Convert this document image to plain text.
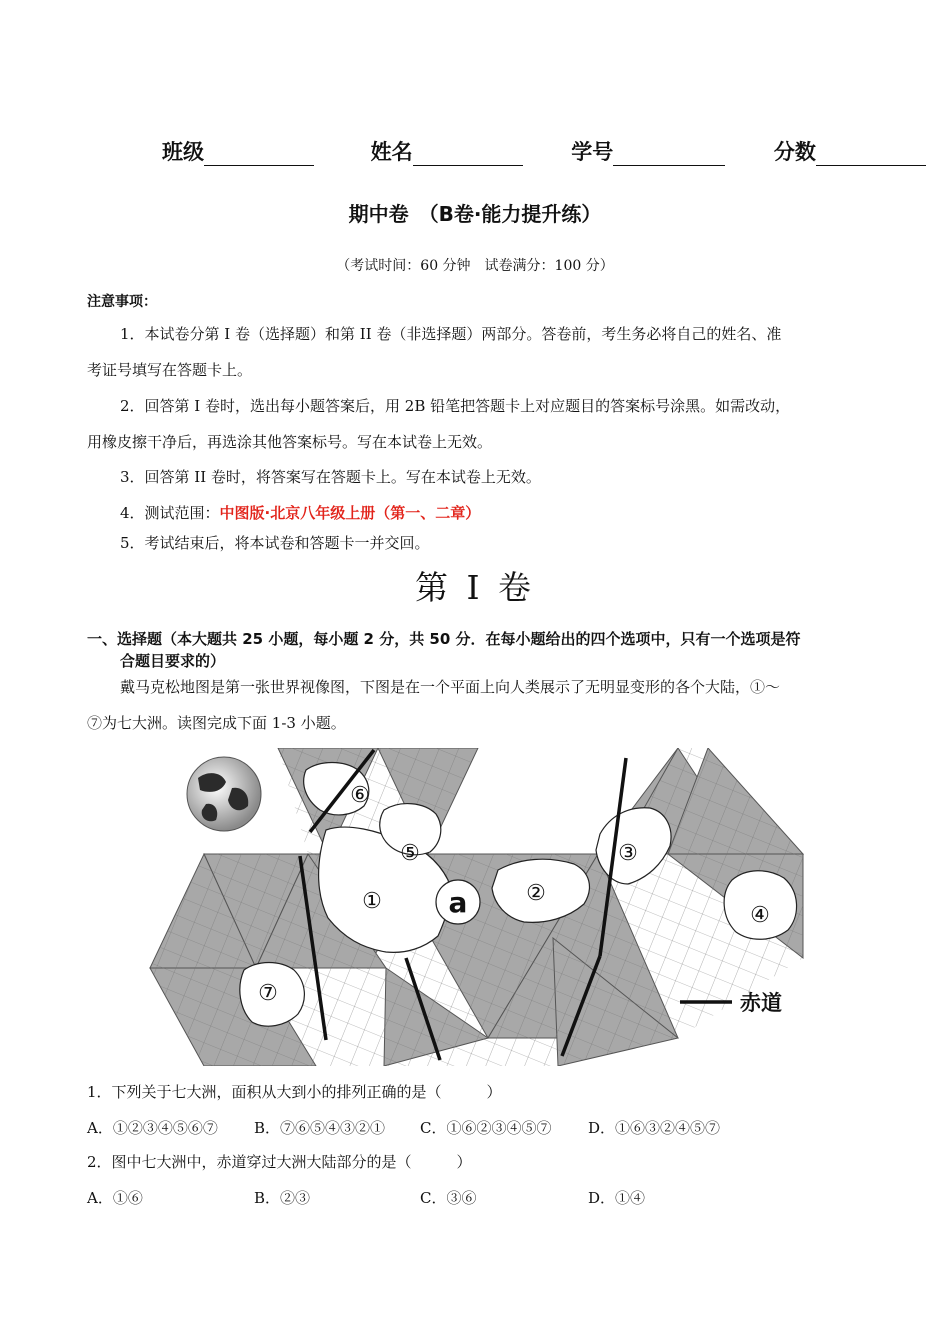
班级	姓名	学号	分数
期中卷　（B卷·能力提升练）
（考试时间：60 分钟　试卷满分：100 分）
注意事项：
1．本试卷分第 I 卷（选择题）和第 II 卷（非选择题）两部分。答卷前，考生务必将自己的姓名、准
考证号填写在答题卡上。
2．回答第 I 卷时，选出每小题答案后，用 2B 铅笔把答题卡上对应题目的答案标号涂黑。如需改动，
用橡皮擦干净后，再选涂其他答案标号。写在本试卷上无效。
3．回答第 II 卷时，将答案写在答题卡上。写在本试卷上无效。
4．测试范围：中图版·北京八年级上册（第一、二章）
5．考试结束后，将本试卷和答题卡一并交回。
第 I 卷
一、选择题（本大题共 25 小题，每小题 2 分，共 50 分．在每小题给出的四个选项中，只有一个选项是符
合题目要求的）
戴马克松地图是第一张世界视像图，下图是在一个平面上向人类展示了无明显变形的各个大陆，①～
⑦为七大洲。读图完成下面 1-3 小题。
①	②
③
④
⑤
⑥
⑦
a
赤道
1．下列关于七大洲，面积从大到小的排列正确的是（　　　）
A．①②③④⑤⑥⑦ B．⑦⑥⑤④③②① C．①⑥②③④⑤⑦ D．①⑥③②④⑤⑦
2．图中七大洲中，赤道穿过大洲大陆部分的是（　　　）
A．①⑥	B．②③	C．③⑥	D．①④
